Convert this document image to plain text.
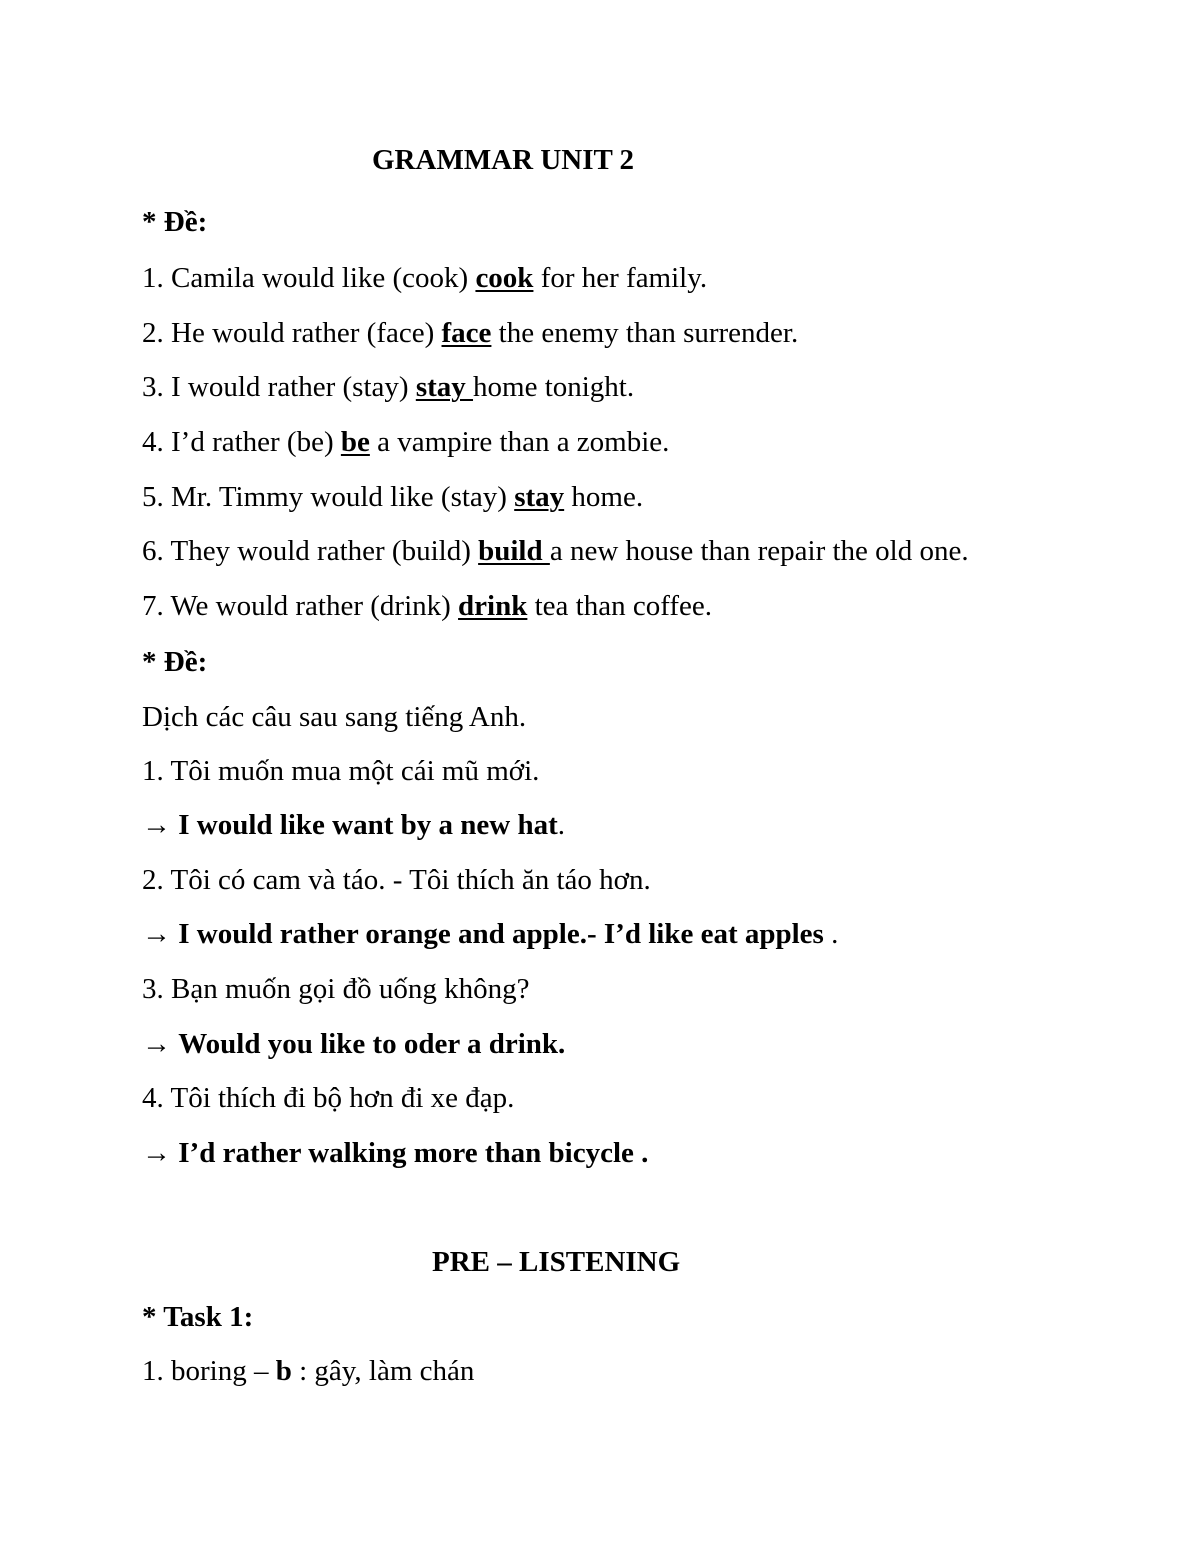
GRAMMAR UNIT 2
* Đề:
1. Camila would like (cook) cook for her family.
2. He would rather (face) face the enemy than surrender.
3. I would rather (stay) stay home tonight.
4. I’d rather (be) be a vampire than a zombie.
5. Mr. Timmy would like (stay) stay home.
6. They would rather (build) build a new house than repair the old one.
7. We would rather (drink) drink tea than coffee.
* Đề:
Dịch các câu sau sang tiếng Anh.
1. Tôi muốn mua một cái mũ mới.
→ I would like want by a new hat.
2. Tôi có cam và táo. - Tôi thích ăn táo hơn.
→ I would rather orange and apple.- I’d like eat apples .
3. Bạn muốn gọi đồ uống không?
→ Would you like to oder a drink.
4. Tôi thích đi bộ hơn đi xe đạp.
→ I’d rather walking more than bicycle .
PRE – LISTENING
* Task 1:
1. boring – b : gây, làm chán
